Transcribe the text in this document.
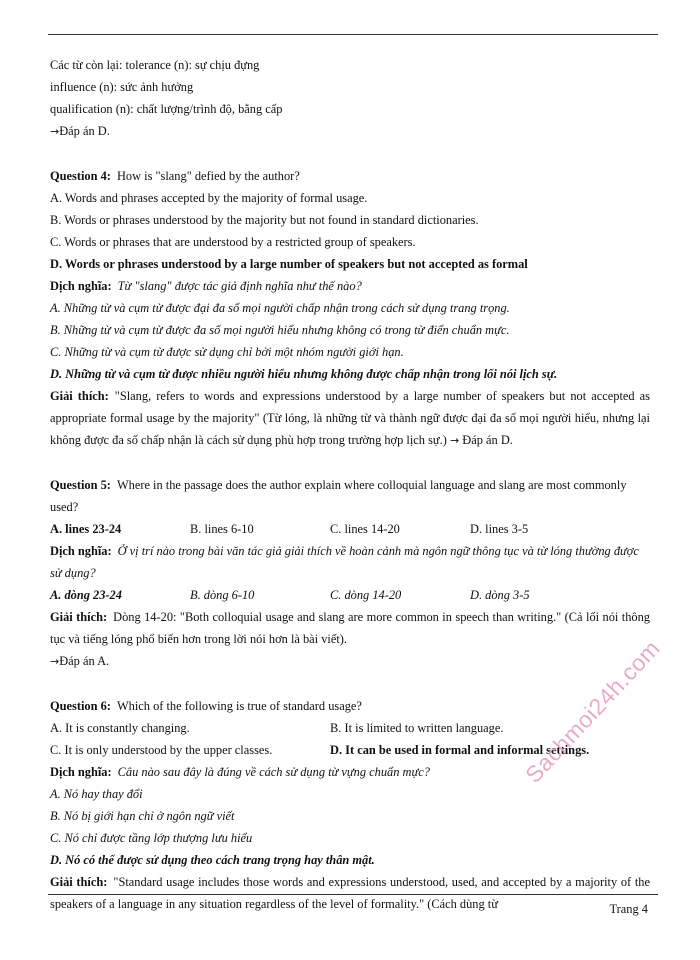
Các từ còn lại: tolerance (n): sự chịu đựng
influence (n): sức ảnh hưởng
qualification (n): chất lượng/trình độ, bằng cấp
→Đáp án D.
Question 4: How is "slang" defied by the author?
A. Words and phrases accepted by the majority of formal usage.
B. Words or phrases understood by the majority but not found in standard dictionaries.
C. Words or phrases that are understood by a restricted group of speakers.
D. Words or phrases understood by a large number of speakers but not accepted as formal
Dịch nghĩa: Từ "slang" được tác giả định nghĩa như thế nào?
A. Những từ và cụm từ được đại đa số mọi người chấp nhận trong cách sử dụng trang trọng.
B. Những từ và cụm từ được đa số mọi người hiểu nhưng không có trong từ điển chuẩn mực.
C. Những từ và cụm từ được sử dụng chỉ bởi một nhóm người giới hạn.
D. Những từ và cụm từ được nhiều người hiểu nhưng không được chấp nhận trong lối nói lịch sự.
Giải thích: "Slang, refers to words and expressions understood by a large number of speakers but not accepted as appropriate formal usage by the majority" (Từ lóng, là những từ và thành ngữ được đại đa số mọi người hiểu, nhưng lại không được đa số chấp nhận là cách sử dụng phù hợp trong trường hợp lịch sự.) → Đáp án D.
Question 5: Where in the passage does the author explain where colloquial language and slang are most commonly used?
A. lines 23-24	B. lines 6-10	C. lines 14-20	D. lines 3-5
Dịch nghĩa: Ở vị trí nào trong bài văn tác giả giải thích về hoàn cảnh mà ngôn ngữ thông tục và từ lóng thường được sử dụng?
A. dòng 23-24	B. dòng 6-10	C. dòng 14-20	D. dòng 3-5
Giải thích: Dòng 14-20: "Both colloquial usage and slang are more common in speech than writing." (Cả lối nói thông tục và tiếng lóng phổ biến hơn trong lời nói hơn là bài viết).
→Đáp án A.
Question 6: Which of the following is true of standard usage?
A. It is constantly changing.	B. It is limited to written language.
C. It is only understood by the upper classes.	D. It can be used in formal and informal settings.
Dịch nghĩa: Câu nào sau đây là đúng về cách sử dụng từ vựng chuẩn mực?
A. Nó hay thay đổi
B. Nó bị giới hạn chỉ ở ngôn ngữ viết
C. Nó chỉ được tầng lớp thượng lưu hiểu
D. Nó có thể được sử dụng theo cách trang trọng hay thân mật.
Giải thích: "Standard usage includes those words and expressions understood, used, and accepted by a majority of the speakers of a language in any situation regardless of the level of formality." (Cách dùng từ
Sachmoi24h.com
Trang 4
